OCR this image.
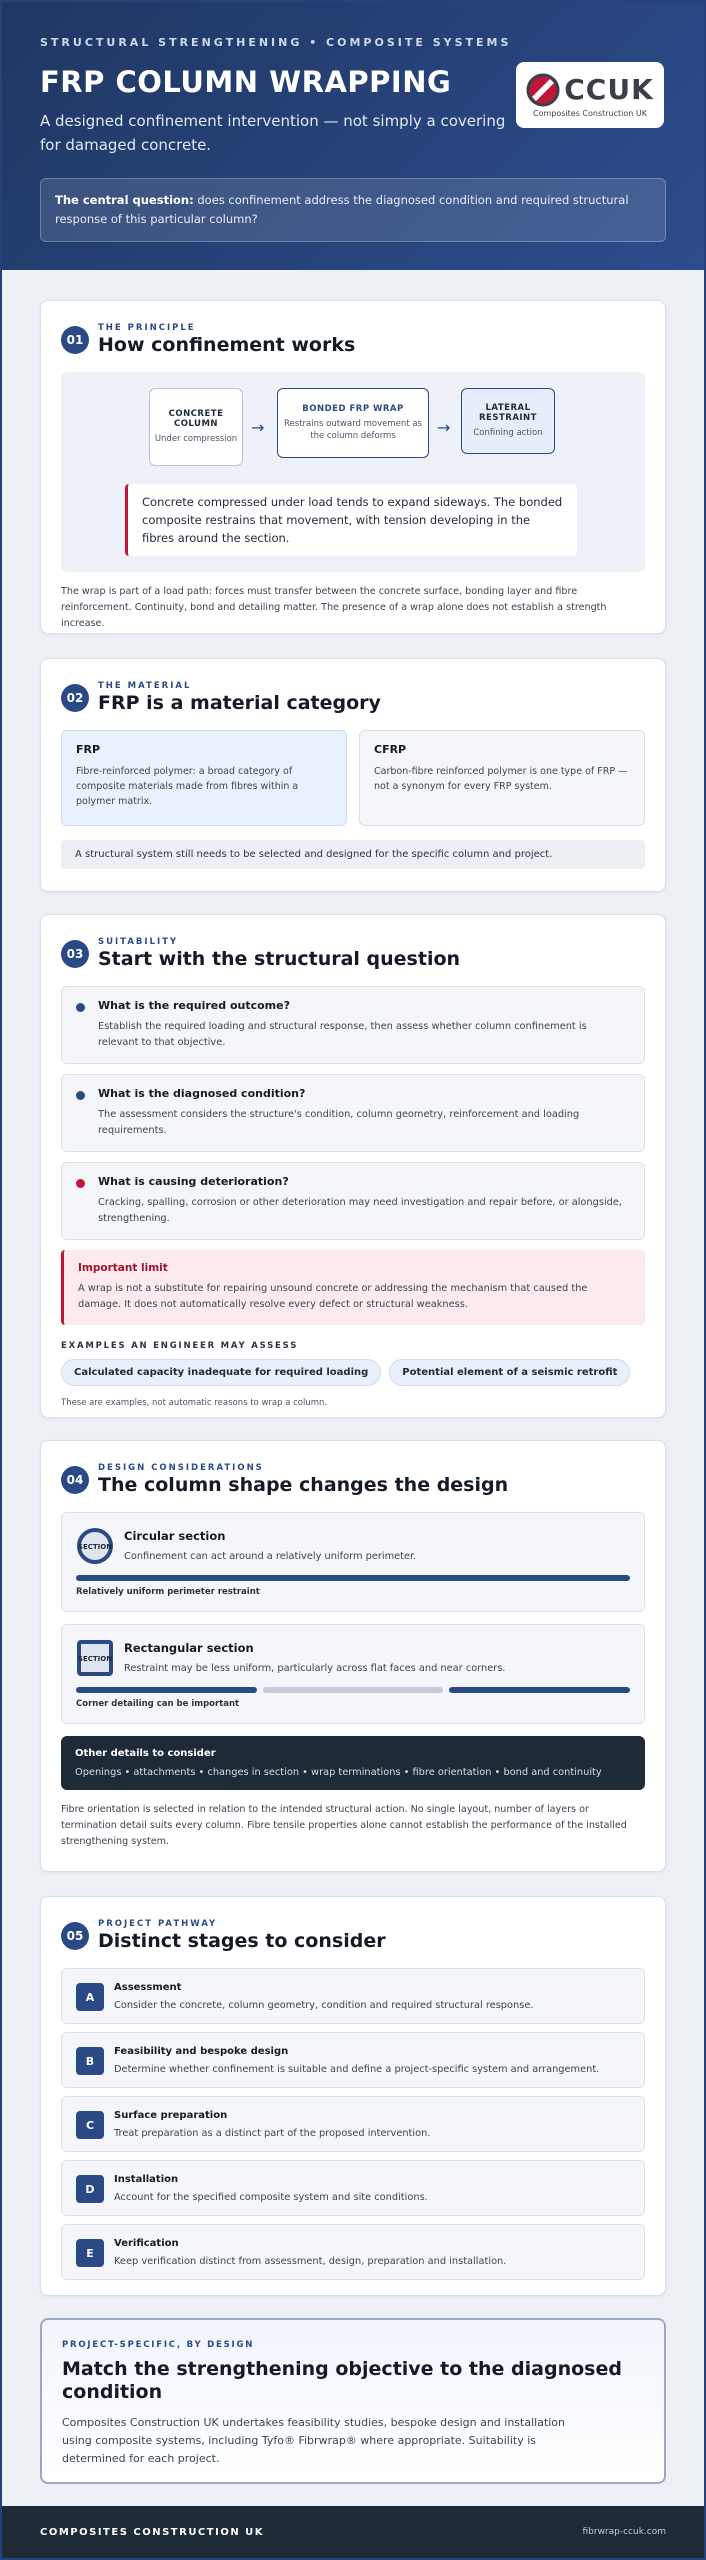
STRUCTURAL STRENGTHENING • COMPOSITE SYSTEMS
FRP COLUMN WRAPPING
A designed confinement intervention — not simply a covering for damaged concrete.
CCUK
Composites Construction UK
The central question: does confinement address the diagnosed condition and required structural response of this particular column?
01
THE PRINCIPLE
How confinement works
CONCRETE COLUMN
Under compression
→
BONDED FRP WRAP
Restrains outward movement as the column deforms	→
LATERAL RESTRAINT
Confining action
Concrete compressed under load tends to expand sideways. The bonded composite restrains that movement, with tension developing in the fibres around the section.

The wrap is part of a load path: forces must transfer between the concrete surface, bonding layer and fibre reinforcement. Continuity, bond and detailing matter. The presence of a wrap alone does not establish a strength increase.

02
THE MATERIAL
FRP is a material category
FRP

Fibre-reinforced polymer: a broad category of composite materials made from fibres within a polymer matrix.

CFRP

Carbon-fibre reinforced polymer is one type of FRP — not a synonym for every FRP system.

A structural system still needs to be selected and designed for the specific column and project.
03
SUITABILITY
Start with the structural question
What is the required outcome?

Establish the required loading and structural response, then assess whether column confinement is relevant to that objective.

What is the diagnosed condition?

The assessment considers the structure's condition, column geometry, reinforcement and loading requirements.

What is causing deterioration?

Cracking, spalling, corrosion or other deterioration may need investigation and repair before, or alongside, strengthening.

Important limit

A wrap is not a substitute for repairing unsound concrete or addressing the mechanism that caused the damage. It does not automatically resolve every defect or structural weakness.

EXAMPLES AN ENGINEER MAY ASSESS
Calculated capacity inadequate for required loading	Potential element of a seismic retrofit
These are examples, not automatic reasons to wrap a column.
04
DESIGN CONSIDERATIONS
The column shape changes the design
SECTION
Circular section

Confinement can act around a relatively uniform perimeter.

Relatively uniform perimeter restraint
SECTION
Rectangular section

Restraint may be less uniform, particularly across flat faces and near corners.

Corner detailing can be important
Other details to consider

Openings • attachments • changes in section • wrap terminations • fibre orientation • bond and continuity

Fibre orientation is selected in relation to the intended structural action. No single layout, number of layers or termination detail suits every column. Fibre tensile properties alone cannot establish the performance of the installed strengthening system.

05
PROJECT PATHWAY
Distinct stages to consider
A
Assessment

Consider the concrete, column geometry, condition and required structural response.

B
Feasibility and bespoke design

Determine whether confinement is suitable and define a project-specific system and arrangement.

C
Surface preparation

Treat preparation as a distinct part of the proposed intervention.

D
Installation

Account for the specified composite system and site conditions.

E
Verification

Keep verification distinct from assessment, design, preparation and installation.

PROJECT-SPECIFIC, BY DESIGN
Match the strengthening objective to the diagnosed condition

Composites Construction UK undertakes feasibility studies, bespoke design and installation using composite systems, including Tyfo® Fibrwrap® where appropriate. Suitability is determined for each project.

COMPOSITES CONSTRUCTION UK	fibrwrap-ccuk.com
